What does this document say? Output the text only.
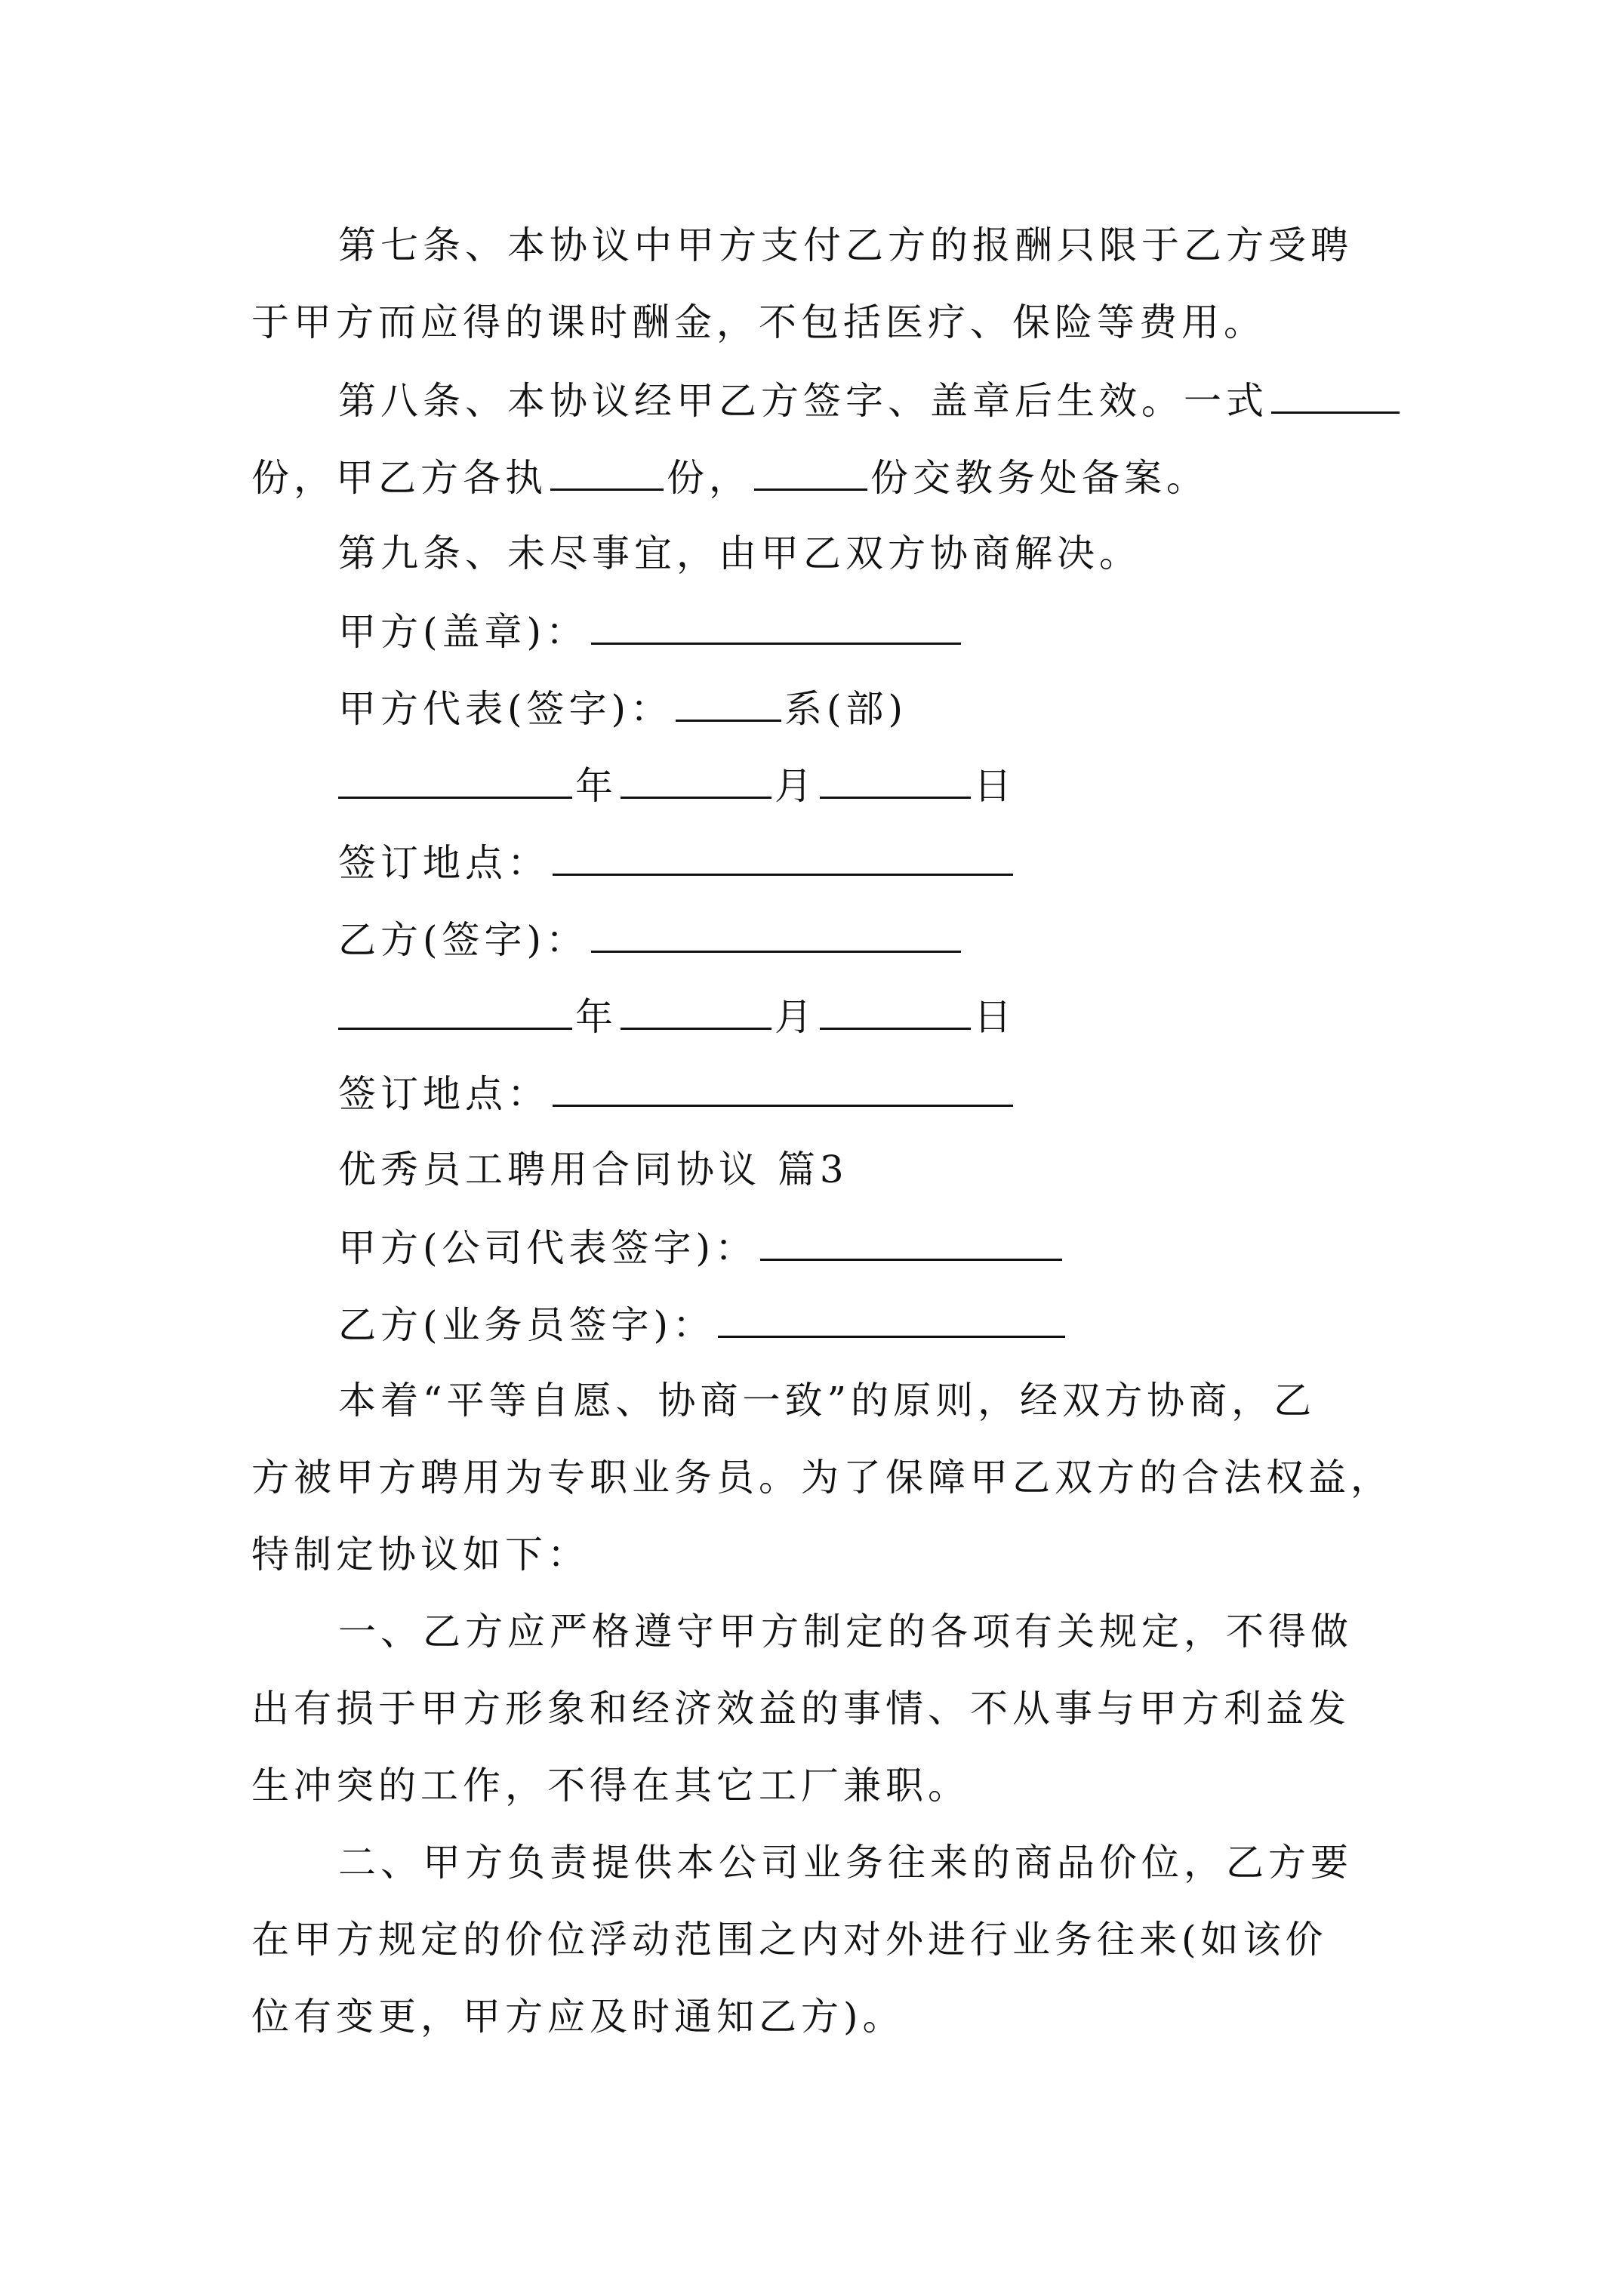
第七条、本协议中甲方支付乙方的报酬只限于乙方受聘
于甲方而应得的课时酬金，不包括医疗、保险等费用。
第八条、本协议经甲乙方签字、盖章后生效。一式
份，甲乙方各执	份，	份交教务处备案。
第九条、未尽事宜，由甲乙双方协商解决。
甲方(盖章)：
甲方代表(签字)：	系(部)
年	月	日
签订地点：
乙方(签字)：
年	月	日
签订地点：
优秀员工聘用合同协议 篇3
甲方(公司代表签字)：
乙方(业务员签字)：
本着“平等自愿、协商一致”的原则，经双方协商，乙
方被甲方聘用为专职业务员。为了保障甲乙双方的合法权益，
特制定协议如下：
一、乙方应严格遵守甲方制定的各项有关规定，不得做
出有损于甲方形象和经济效益的事情、不从事与甲方利益发
生冲突的工作，不得在其它工厂兼职。
二、甲方负责提供本公司业务往来的商品价位，乙方要
在甲方规定的价位浮动范围之内对外进行业务往来(如该价
位有变更，甲方应及时通知乙方)。
